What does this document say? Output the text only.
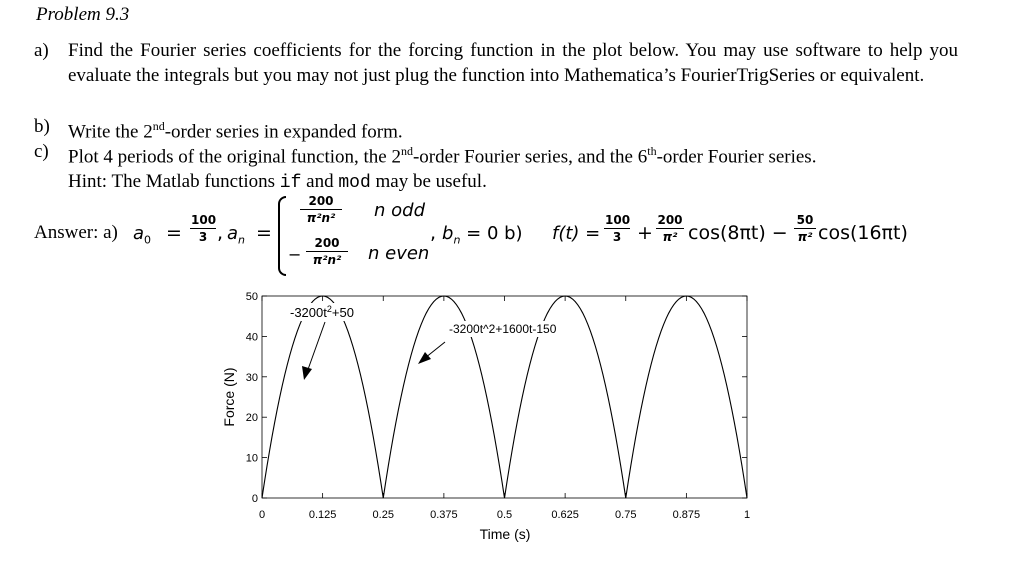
Problem 9.3
a)	Find the Fourier series coefficients for the forcing function in the plot below. You may use software to help you evaluate the integrals but you may not just plug the function into Mathematica’s FourierTrigSeries or equivalent.
b) Write the 2nd-order series in expanded form.
c)	Plot 4 periods of the original function, the 2nd-order Fourier series, and the 6th-order Fourier series.
Hint: The Matlab functions if and mod may be useful.
Answer: a) $a_0 = \frac{100}{3}$ , $a_n$ =
$\frac{200}{\text{π²n²}}$ n odd
− $\frac{200}{\text{π²n²}}$ n even
, $b_n = 0$ b) $f(t) = \frac{100}{3} + \frac{200}{\text{π²}} \cos(8\pi t) - \frac{50}{\text{π²}} \cos(16\pi t)$
0
10
20
30
40
50
0	0.125	0.25	0.375	0.5	0.625	0.75	0.875	1
Time (s)
Force (N)
$-3200t^2+50$
-3200t^2+1600t-150
